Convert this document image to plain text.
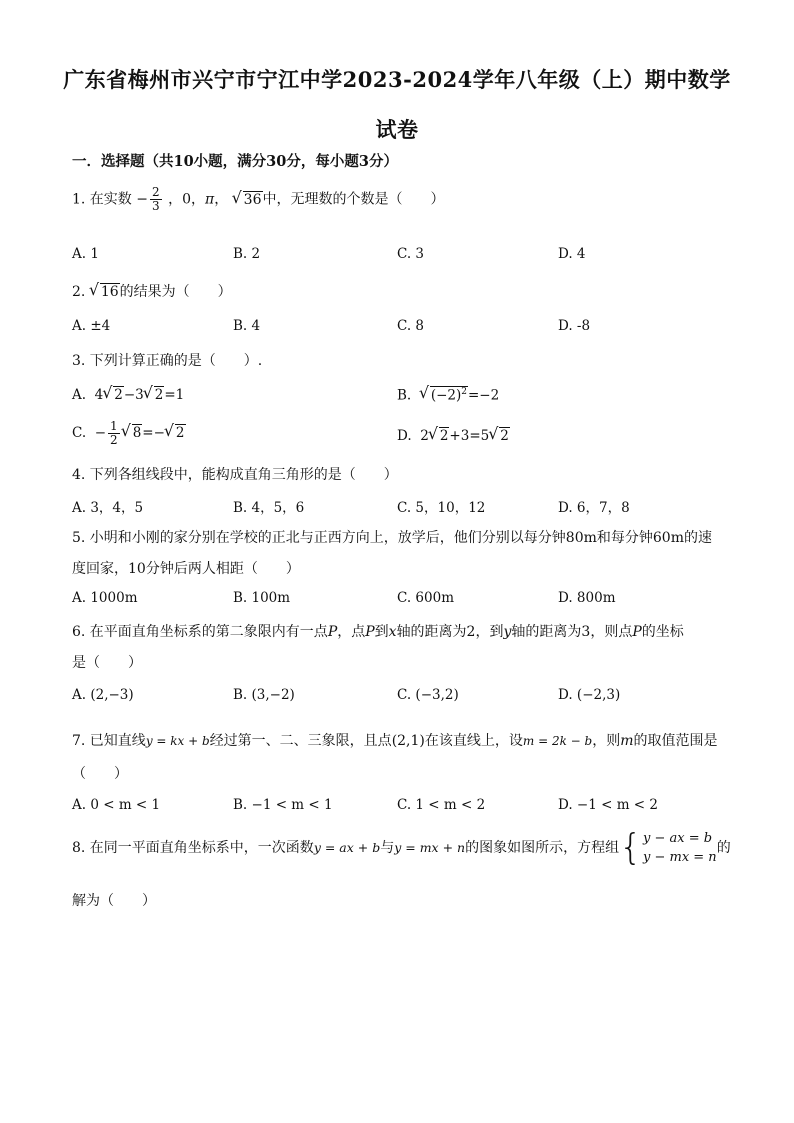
广东省梅州市兴宁市宁江中学2023-2024学年八年级（上）期中数学
试卷
一．选择题（共10小题，满分30分，每小题3分）
1. 在实数 − $\frac{2}{3}$ ，0，π， √ 36中，无理数的个数是（　　）
A. 1	B. 2	C. 3	D. 4
2. √ 16的结果为（　　）
A. ±4	B. 4	C. 8	D. -8
3. 下列计算正确的是（　　）.
A. 4 √ 2−3 √ 2=1	B. √ $(-2)^2=-2$
C. − $\frac{1}{2}$ √ 8=− √ 2	D. 2 √ 2+3=5 √ 2
4. 下列各组线段中，能构成直角三角形的是（　　）
A. 3，4，5	B. 4，5，6	C. 5，10，12	D. 6，7，8
5. 小明和小刚的家分别在学校的正北与正西方向上，放学后，他们分别以每分钟80m和每分钟60m的速
度回家，10分钟后两人相距（　　）
A. 1000m	B. 100m	C. 600m	D. 800m
6. 在平面直角坐标系的第二象限内有一点P，点P到x轴的距离为2，到y轴的距离为3，则点P的坐标
是（　　）
A. (2,−3)	B. (3,−2)	C. (−3,2)	D. (−2,3)
7. 已知直线y = kx + b经过第一、二、三象限，且点(2,1)在该直线上，设m = 2k − b，则m的取值范围是
（　　）
A. 0 < m < 1	B. −1 < m < 1	C. 1 < m < 2	D. −1 < m < 2
8. 在同一平面直角坐标系中，一次函数y = ax + b与y = mx + n的图象如图所示，方程组{ y − ax = b
y − mx = n
的
解为（　　）
